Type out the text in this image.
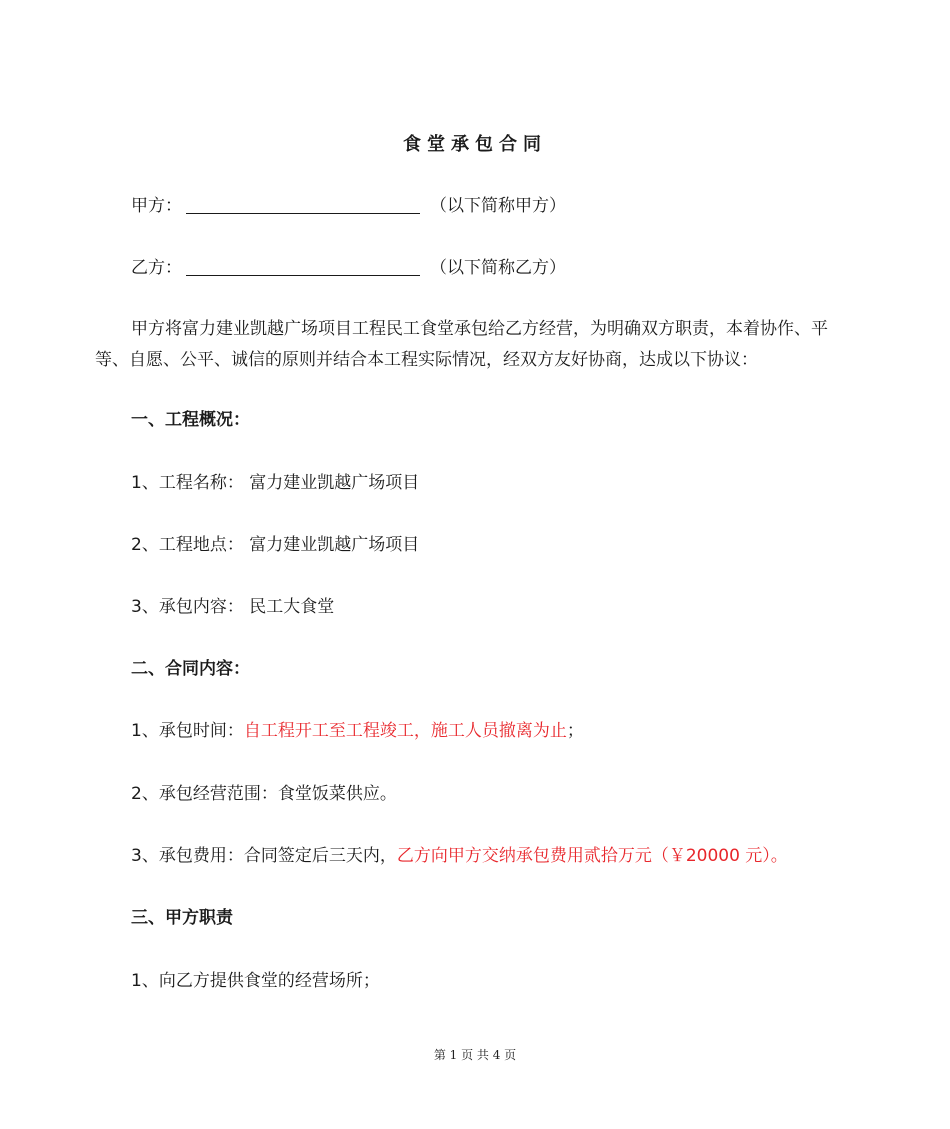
食堂承包合同
甲方：	（以下简称甲方）
乙方：	（以下简称乙方）
甲方将富力建业凯越广场项目工程民工食堂承包给乙方经营，为明确双方职责，本着协作、平等、自愿、公平、诚信的原则并结合本工程实际情况，经双方友好协商，达成以下协议：
一、工程概况：
1、工程名称： 富力建业凯越广场项目
2、工程地点： 富力建业凯越广场项目
3、承包内容： 民工大食堂
二、合同内容：
1、承包时间：自工程开工至工程竣工，施工人员撤离为止；
2、承包经营范围：食堂饭菜供应。
3、承包费用：合同签定后三天内，乙方向甲方交纳承包费用贰拾万元（￥20000 元）。
三、甲方职责
1、向乙方提供食堂的经营场所；
第 1 页 共 4 页
